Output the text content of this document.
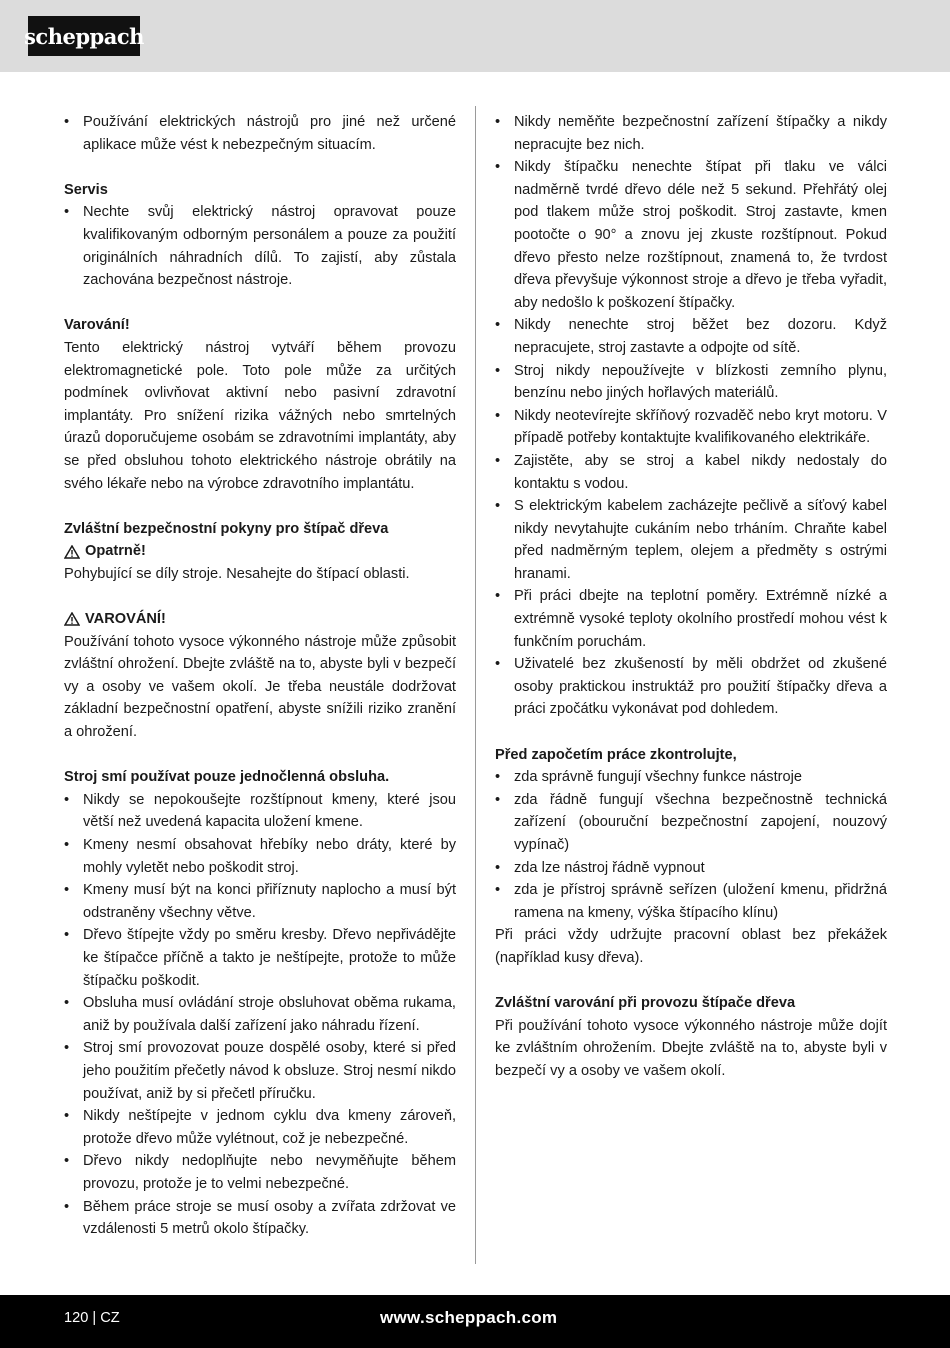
scheppach
• Používání elektrických nástrojů pro jiné než určené aplikace může vést k nebezpečným situacím.

Servis

• Nechte svůj elektrický nástroj opravovat pouze kvalifikovaným odborným personálem a pouze za použití originálních náhradních dílů. To zajistí, aby zůstala zachována bezpečnost nástroje.

Varování!

Tento elektrický nástroj vytváří během provozu elektromagnetické pole. Toto pole může za určitých podmínek ovlivňovat aktivní nebo pasivní zdravotní implantáty. Pro snížení rizika vážných nebo smrtelných úrazů doporučujeme osobám se zdravotními implantáty, aby se před obsluhou tohoto elektrického nástroje obrátily na svého lékaře nebo na výrobce zdravotního implantátu.

Zvláštní bezpečnostní pokyny pro štípač dřeva

Opatrně!

Pohybující se díly stroje. Nesahejte do štípací oblasti.

VAROVÁNÍ!

Používání tohoto vysoce výkonného nástroje může způsobit zvláštní ohrožení. Dbejte zvláště na to, abyste byli v bezpečí vy a osoby ve vašem okolí. Je třeba neustále dodržovat základní bezpečnostní opatření, abyste snížili riziko zranění a ohrožení.

Stroj smí používat pouze jednočlenná obsluha.

• Nikdy se nepokoušejte rozštípnout kmeny, které jsou větší než uvedená kapacita uložení kmene.
• Kmeny nesmí obsahovat hřebíky nebo dráty, které by mohly vyletět nebo poškodit stroj.
• Kmeny musí být na konci přiříznuty naplocho a musí být odstraněny všechny větve.
• Dřevo štípejte vždy po směru kresby. Dřevo nepřivádějte ke štípačce příčně a takto je neštípejte, protože to může štípačku poškodit.
• Obsluha musí ovládání stroje obsluhovat oběma rukama, aniž by používala další zařízení jako náhradu řízení.
• Stroj smí provozovat pouze dospělé osoby, které si před jeho použitím přečetly návod k obsluze. Stroj nesmí nikdo používat, aniž by si přečetl příručku.
• Nikdy neštípejte v jednom cyklu dva kmeny zároveň, protože dřevo může vylétnout, což je nebezpečné.
• Dřevo nikdy nedoplňujte nebo nevyměňujte během provozu, protože je to velmi nebezpečné.
• Během práce stroje se musí osoby a zvířata zdržovat ve vzdálenosti 5 metrů okolo štípačky.
• Nikdy neměňte bezpečnostní zařízení štípačky a nikdy nepracujte bez nich.
• Nikdy štípačku nenechte štípat při tlaku ve válci nadměrně tvrdé dřevo déle než 5 sekund. Přehřátý olej pod tlakem může stroj poškodit. Stroj zastavte, kmen pootočte o 90° a znovu jej zkuste rozštípnout. Pokud dřevo přesto nelze rozštípnout, znamená to, že tvrdost dřeva převyšuje výkonnost stroje a dřevo je třeba vyřadit, aby nedošlo k poškození štípačky.
• Nikdy nenechte stroj běžet bez dozoru. Když nepracujete, stroj zastavte a odpojte od sítě.
• Stroj nikdy nepoužívejte v blízkosti zemního plynu, benzínu nebo jiných hořlavých materiálů.
• Nikdy neotevírejte skříňový rozvaděč nebo kryt motoru. V případě potřeby kontaktujte kvalifikovaného elektrikáře.
• Zajistěte, aby se stroj a kabel nikdy nedostaly do kontaktu s vodou.
• S elektrickým kabelem zacházejte pečlivě a síťový kabel nikdy nevytahujte cukáním nebo trháním. Chraňte kabel před nadměrným teplem, olejem a předměty s ostrými hranami.
• Při práci dbejte na teplotní poměry. Extrémně nízké a extrémně vysoké teploty okolního prostředí mohou vést k funkčním poruchám.
• Uživatelé bez zkušeností by měli obdržet od zkušené osoby praktickou instruktáž pro použití štípačky dřeva a práci zpočátku vykonávat pod dohledem.

Před započetím práce zkontrolujte,

• zda správně fungují všechny funkce nástroje
• zda řádně fungují všechna bezpečnostně technická zařízení (obouruční bezpečnostní zapojení, nouzový vypínač)
• zda lze nástroj řádně vypnout
• zda je přístroj správně seřízen (uložení kmenu, přidržná ramena na kmeny, výška štípacího klínu)

Při práci vždy udržujte pracovní oblast bez překážek (například kusy dřeva).

Zvláštní varování při provozu štípače dřeva

Při používání tohoto vysoce výkonného nástroje může dojít ke zvláštním ohrožením. Dbejte zvláště na to, abyste byli v bezpečí vy a osoby ve vašem okolí.

120 | CZ	www.scheppach.com
